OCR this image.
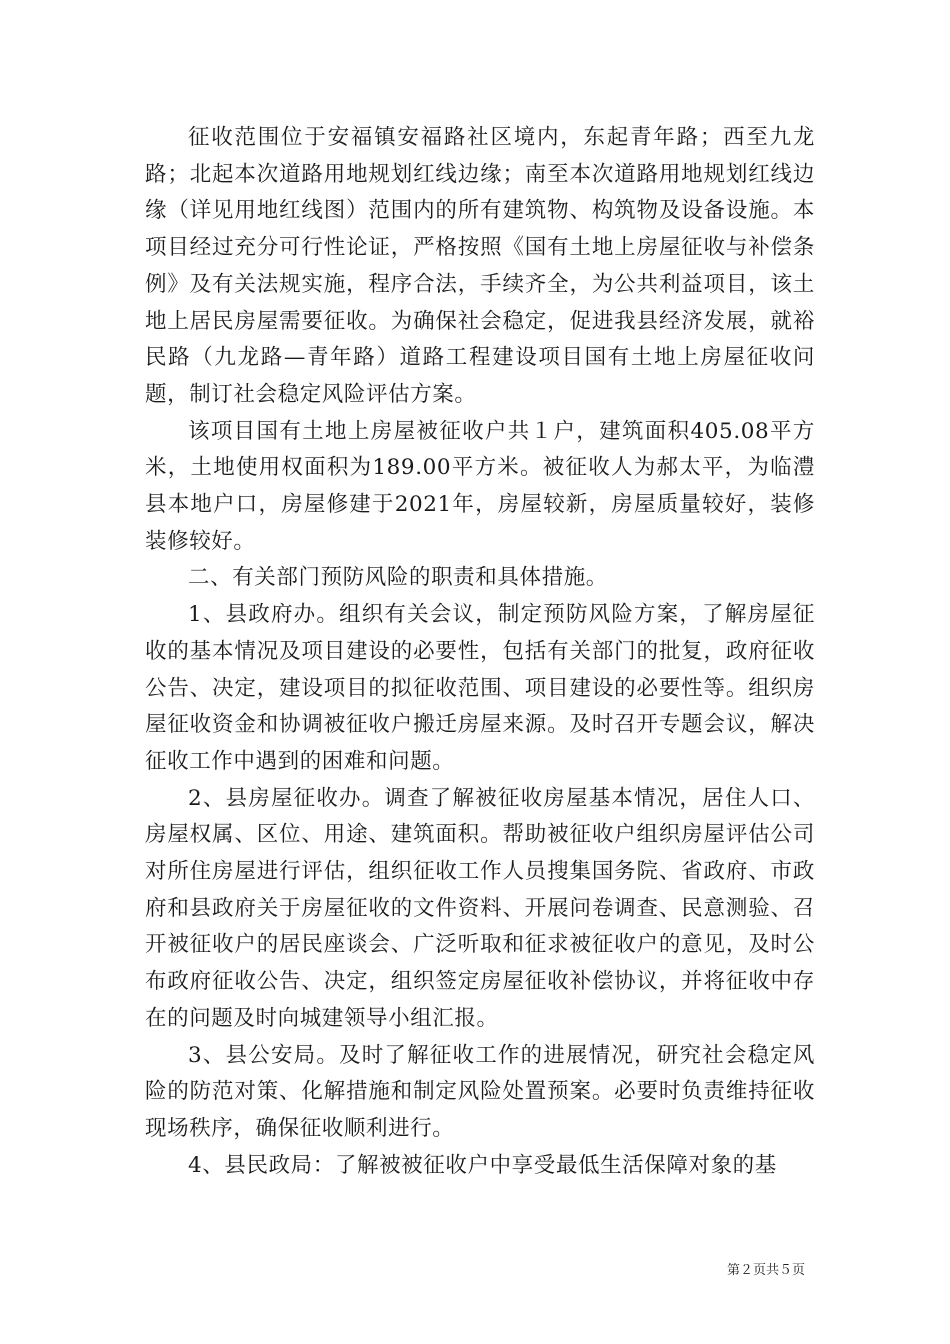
征收范围位于安福镇安福路社区境内，东起青年路；西至九龙路；北起本次道路用地规划红线边缘；南至本次道路用地规划红线边缘（详见用地红线图）范围内的所有建筑物、构筑物及设备设施。本项目经过充分可行性论证，严格按照《国有土地上房屋征收与补偿条例》及有关法规实施，程序合法，手续齐全，为公共利益项目，该土地上居民房屋需要征收。为确保社会稳定，促进我县经济发展，就裕民路（九龙路—青年路）道路工程建设项目国有土地上房屋征收问题，制订社会稳定风险评估方案。

该项目国有土地上房屋被征收户共１户，建筑面积405.08平方米，土地使用权面积为189.00平方米。被征收人为郝太平，为临澧县本地户口，房屋修建于2021年，房屋较新，房屋质量较好，装修装修较好。

二、有关部门预防风险的职责和具体措施。

1、县政府办。组织有关会议，制定预防风险方案，了解房屋征收的基本情况及项目建设的必要性，包括有关部门的批复，政府征收公告、决定，建设项目的拟征收范围、项目建设的必要性等。组织房屋征收资金和协调被征收户搬迁房屋来源。及时召开专题会议，解决征收工作中遇到的困难和问题。

2、县房屋征收办。调查了解被征收房屋基本情况，居住人口、房屋权属、区位、用途、建筑面积。帮助被征收户组织房屋评估公司对所住房屋进行评估，组织征收工作人员搜集国务院、省政府、市政府和县政府关于房屋征收的文件资料、开展问卷调查、民意测验、召开被征收户的居民座谈会、广泛听取和征求被征收户的意见，及时公布政府征收公告、决定，组织签定房屋征收补偿协议，并将征收中存在的问题及时向城建领导小组汇报。

3、县公安局。及时了解征收工作的进展情况，研究社会稳定风险的防范对策、化解措施和制定风险处置预案。必要时负责维持征收现场秩序，确保征收顺利进行。

4、县民政局：了解被被征收户中享受最低生活保障对象的基

第２页共５页
